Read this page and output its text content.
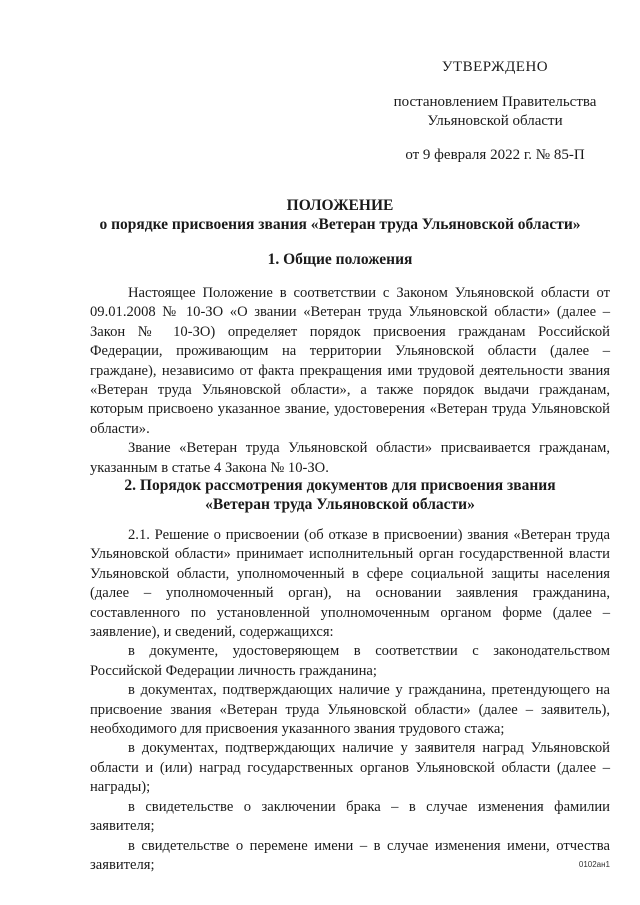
УТВЕРЖДЕНО
постановлением Правительства
Ульяновской области
от 9 февраля 2022 г. № 85-П
ПОЛОЖЕНИЕ
о порядке присвоения звания «Ветеран труда Ульяновской области»
1. Общие положения

Настоящее Положение в соответствии с Законом Ульяновской области от 09.01.2008 № 10-ЗО «О звании «Ветеран труда Ульяновской области» (далее – Закон № 10-ЗО) определяет порядок присвоения гражданам Российской Федерации, проживающим на территории Ульяновской области (далее – граждане), независимо от факта прекращения ими трудовой деятельности звания «Ветеран труда Ульяновской области», а также порядок выдачи гражданам, которым присвоено указанное звание, удостоверения «Ветеран труда Ульяновской области».

Звание «Ветеран труда Ульяновской области» присваивается гражданам, указанным в статье 4 Закона № 10-ЗО.

2. Порядок рассмотрения документов для присвоения звания
«Ветеран труда Ульяновской области»

2.1. Решение о присвоении (об отказе в присвоении) звания «Ветеран труда Ульяновской области» принимает исполнительный орган государственной власти Ульяновской области, уполномоченный в сфере социальной защиты населения (далее – уполномоченный орган), на основании заявления гражданина, составленного по установленной уполномоченным органом форме (далее – заявление), и сведений, содержащихся:

в документе, удостоверяющем в соответствии с законодательством Российской Федерации личность гражданина;

в документах, подтверждающих наличие у гражданина, претендующего на присвоение звания «Ветеран труда Ульяновской области» (далее – заявитель), необходимого для присвоения указанного звания трудового стажа;

в документах, подтверждающих наличие у заявителя наград Ульяновской области и (или) наград государственных органов Ульяновской области (далее – награды);

в свидетельстве о заключении брака – в случае изменения фамилии заявителя;

в свидетельстве о перемене имени – в случае изменения имени, отчества заявителя;	0102ан1
